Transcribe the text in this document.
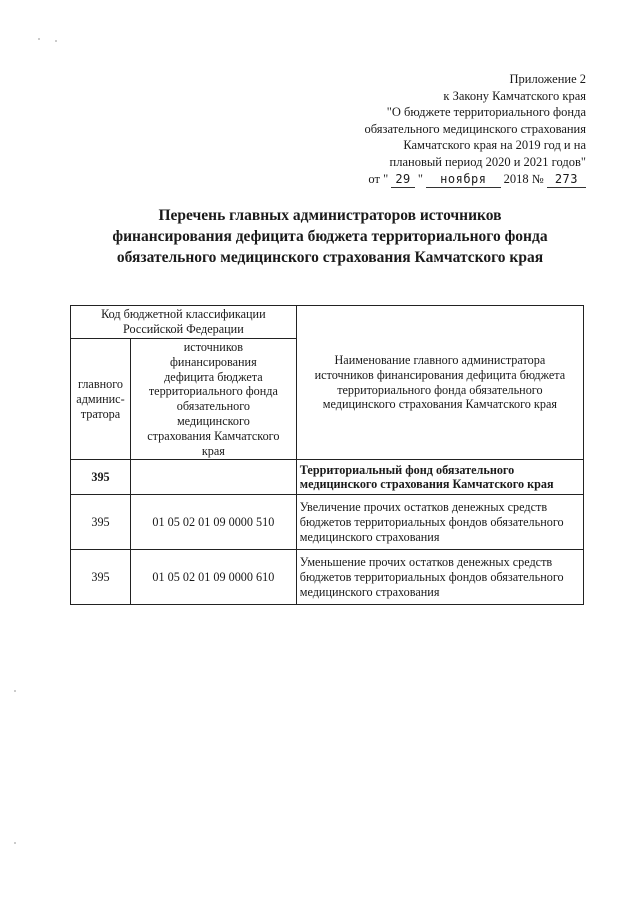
Приложение 2
к Закону Камчатского края
"О бюджете территориального фонда
обязательного медицинского страхования
Камчатского края на 2019 год и на
плановый период 2020 и 2021 годов"
от " 29 " ноября 2018 № 273
Перечень главных администраторов источников
финансирования дефицита бюджета территориального фонда
обязательного медицинского страхования Камчатского края
Код бюджетной классификации Российской Федерации		Наименование главного администратора источников финансирования дефицита бюджета территориального фонда обязательного медицинского страхования Камчатского края
главного админис-тратора	источников финансирования дефицита бюджета территориального фонда обязательного медицинского страхования Камчатского края	
395		Территориальный фонд обязательного медицинского страхования Камчатского края
395	01 05 02 01 09 0000 510	Увеличение прочих остатков денежных средств бюджетов территориальных фондов обязательного медицинского страхования
395	01 05 02 01 09 0000 610	Уменьшение прочих остатков денежных средств бюджетов территориальных фондов обязательного медицинского страхования
